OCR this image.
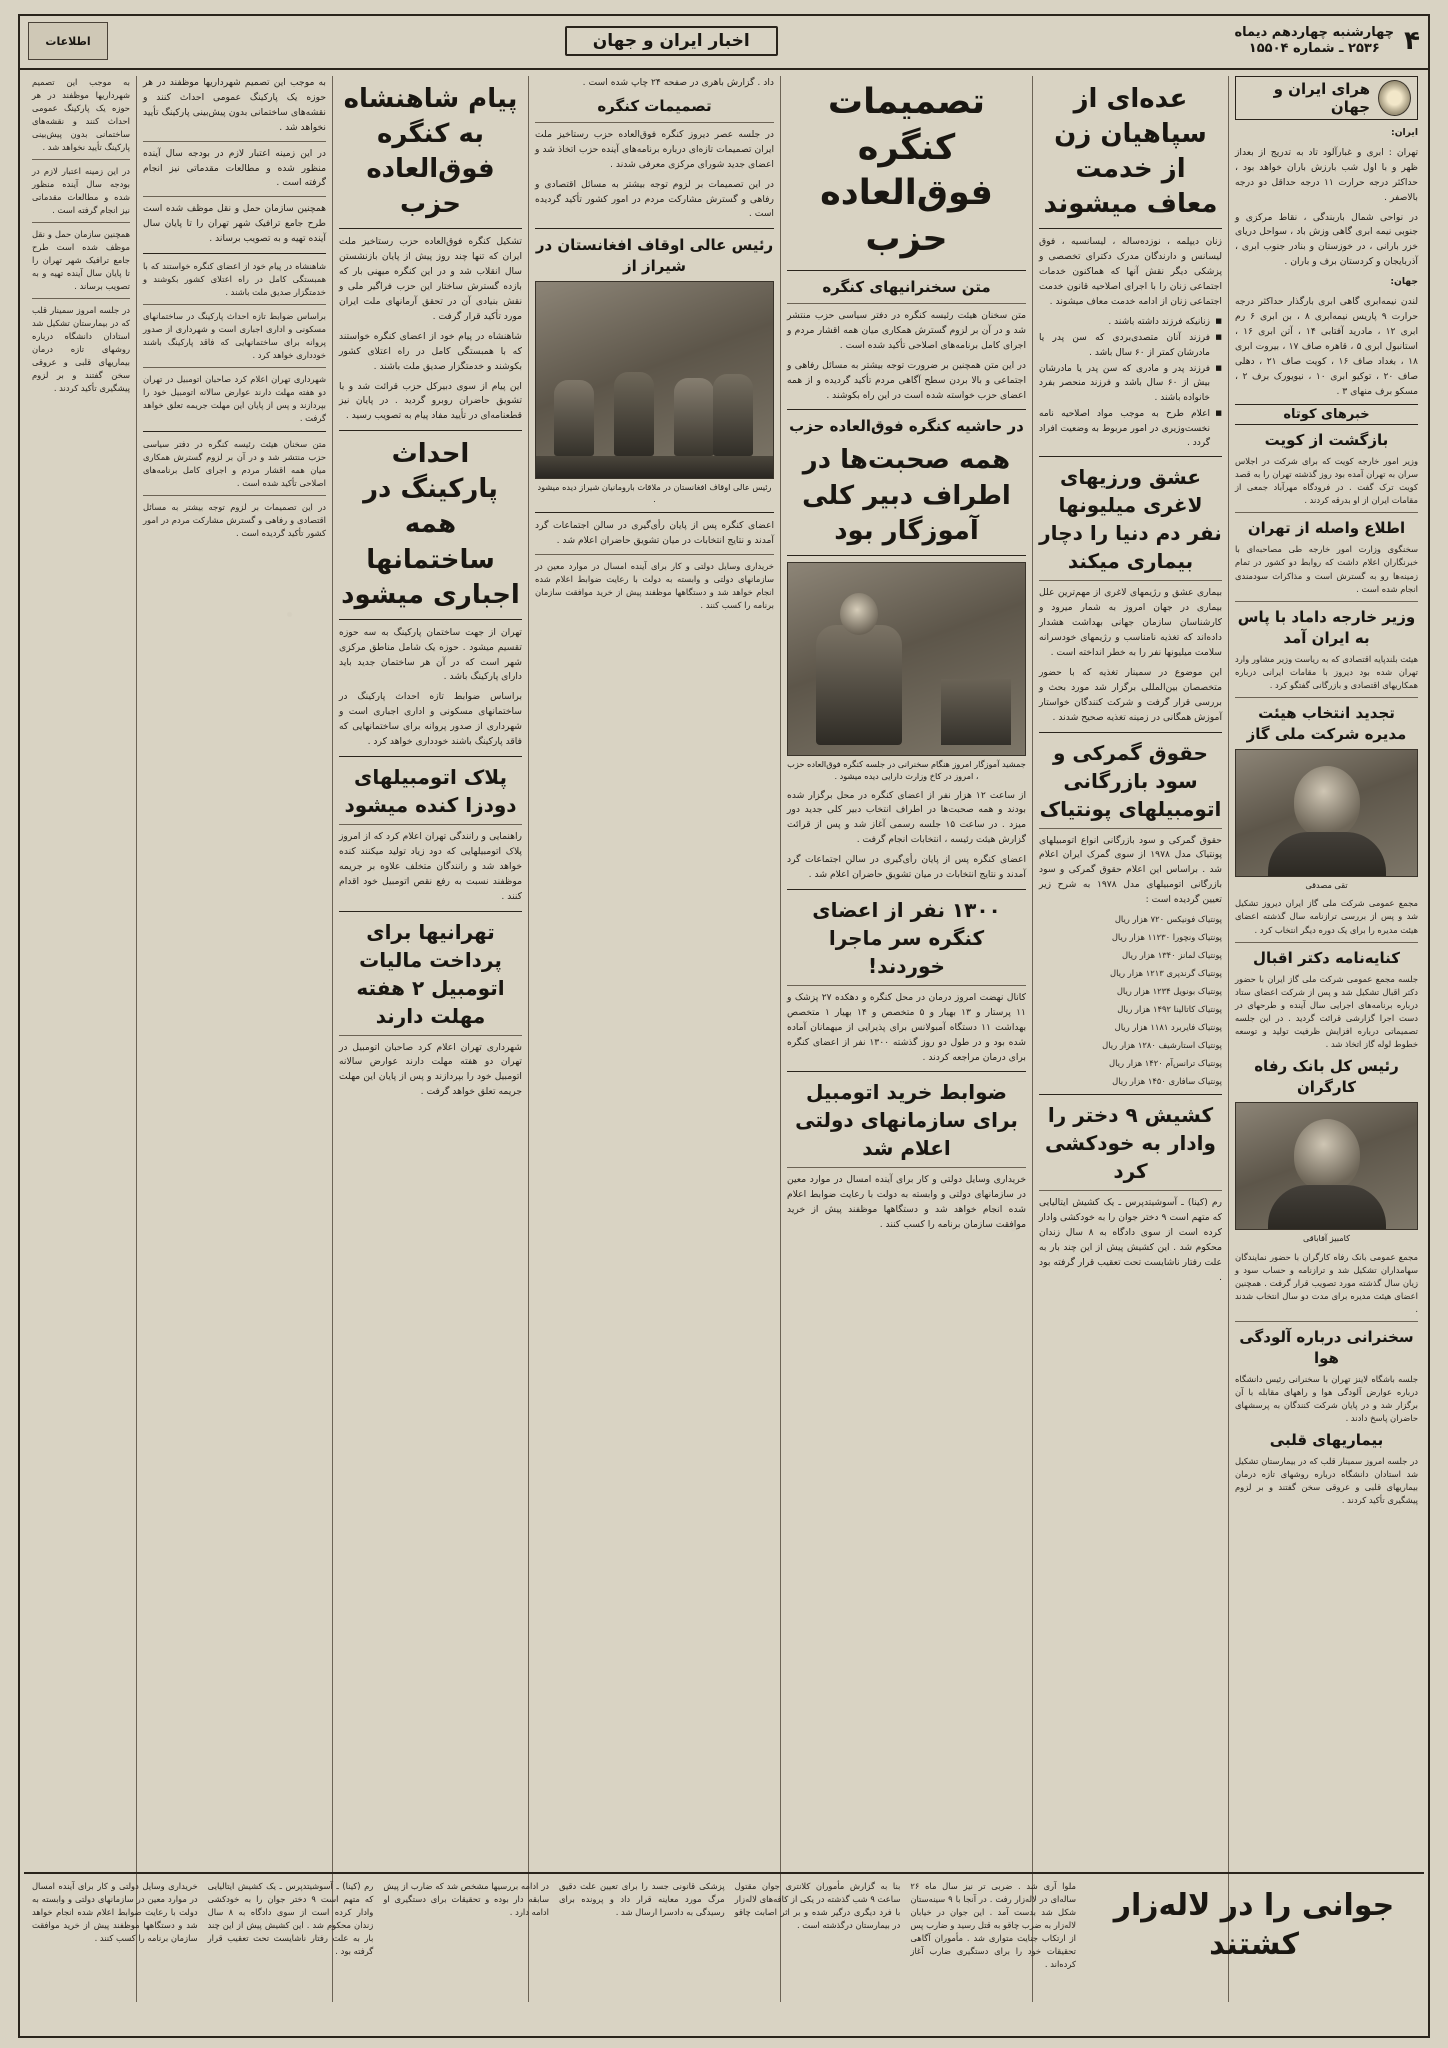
۴
چهارشنبه چهاردهم دیماه
۲۵۳۶ ـ شماره ۱۵۵۰۴
اخبار ایران و جهان
اطلاعات
هرای ایران و جهان
ایران:

تهران : ابری و غبارآلود تاد به تدریج از بعداز ظهر و با اول شب بارزش باران خواهد بود ، حداکثر درجه حرارت ۱۱ درجه حداقل دو درجه بالاصفر .

در نواحی شمال باربندگی ، نقاط مرکزی و جنوبی نیمه ابری گاهی وزش باد ، سواحل دریای خزر بارانی ، در خوزستان و بنادر جنوب ابری ، آذربایجان و کردستان برف و باران .

جهان:

لندن نیمه‌ابری گاهی ابری بارگذار حداکثر درجه حرارت ۹ پاریس نیمه‌ابری ۸ ، بن ابری ۶ رم ابری ۱۲ ، مادرید آفتابی ۱۴ ، آتن ابری ۱۶ ، استانبول ابری ۵ ، قاهره صاف ۱۷ ، بیروت ابری ۱۸ ، بغداد صاف ۱۶ ، کویت صاف ۲۱ ، دهلی صاف ۲۰ ، توکیو ابری ۱۰ ، نیویورک برف ۲ ، مسکو برف منهای ۳ .

خبرهای کوتاه
بازگشت از کویت

وزیر امور خارجه کویت که برای شرکت در اجلاس سران به تهران آمده بود روز گذشته تهران را به قصد کویت ترک گفت . در فرودگاه مهرآباد جمعی از مقامات ایران از او بدرقه کردند .

اطلاع واصله از تهران

سخنگوی وزارت امور خارجه طی مصاحبه‌ای با خبرنگاران اعلام داشت که روابط دو کشور در تمام زمینه‌ها رو به گسترش است و مذاکرات سودمندی انجام شده است .

وزیر خارجه داماد با پاس به ایران آمد

هیئت بلندپایه اقتصادی که به ریاست وزیر مشاور وارد تهران شده بود دیروز با مقامات ایرانی درباره همکاریهای اقتصادی و بازرگانی گفتگو کرد .

تجدید انتخاب هیئت مدیره شرکت ملی گاز
تقی مصدقی

مجمع عمومی شرکت ملی گاز ایران دیروز تشکیل شد و پس از بررسی ترازنامه سال گذشته اعضای هیئت مدیره را برای یک دوره دیگر انتخاب کرد .

کنایه‌نامه دکتر اقبال

جلسه مجمع عمومی شرکت ملی گاز ایران با حضور دکتر اقبال تشکیل شد و پس از شرکت اعضای ستاد درباره برنامه‌های اجرایی سال آینده و طرحهای در دست اجرا گزارشی قرائت گردید . در این جلسه تصمیماتی درباره افزایش ظرفیت تولید و توسعه خطوط لوله گاز اتخاذ شد .

رئیس کل بانک رفاه کارگران
کامبیز آقاباقی

مجمع عمومی بانک رفاه کارگران با حضور نمایندگان سهامداران تشکیل شد و ترازنامه و حساب سود و زیان سال گذشته مورد تصویب قرار گرفت . همچنین اعضای هیئت مدیره برای مدت دو سال انتخاب شدند .

سخنرانی درباره آلودگی هوا

جلسه باشگاه لاینز تهران با سخنرانی رئیس دانشگاه درباره عوارض آلودگی هوا و راههای مقابله با آن برگزار شد و در پایان شرکت کنندگان به پرسشهای حاضران پاسخ دادند .

بیماریهای قلبی

در جلسه امروز سمینار قلب که در بیمارستان تشکیل شد استادان دانشگاه درباره روشهای تازه درمان بیماریهای قلبی و عروقی سخن گفتند و بر لزوم پیشگیری تأکید کردند .

عده‌ای از سپاهیان زن از خدمت معاف میشوند

زنان دیپلمه ، نوزده‌ساله ، لیسانسیه ، فوق لیسانس و دارندگان مدرک دکترای تخصصی و پزشکی دیگر نقش آنها که هماکنون خدمات اجتماعی زنان را با اجرای اصلاحیه قانون خدمت اجتماعی زنان از ادامه خدمت معاف میشوند .

■ زنانیکه فرزند داشته باشند .
■ فرزند آنان متصدی‌بردی که سن پدر یا مادرشان کمتر از ۶۰ سال باشد .
■ فرزند پدر و مادری که سن پدر یا مادرشان بیش از ۶۰ سال باشد و فرزند منحصر بفرد خانواده باشند .
■ اعلام طرح به موجب مواد اصلاحیه نامه نخست‌وزیری در امور مربوط به وضعیت افراد گردد .
عشق ورزیهای لاغری میلیونها نفر دم دنیا را دچار بیماری میکند

بیماری عشق و رژیمهای لاغری از مهم‌ترین علل بیماری در جهان امروز به شمار میرود و کارشناسان سازمان جهانی بهداشت هشدار داده‌اند که تغذیه نامناسب و رژیمهای خودسرانه سلامت میلیونها نفر را به خطر انداخته است .

این موضوع در سمینار تغذیه که با حضور متخصصان بین‌المللی برگزار شد مورد بحث و بررسی قرار گرفت و شرکت کنندگان خواستار آموزش همگانی در زمینه تغذیه صحیح شدند .

حقوق گمرکی و سود بازرگانی اتومبیلهای پونتیاک

حقوق گمرکی و سود بازرگانی انواع اتومبیلهای پونتیاک مدل ۱۹۷۸ از سوی گمرک ایران اعلام شد . براساس این اعلام حقوق گمرکی و سود بازرگانی اتومبیلهای مدل ۱۹۷۸ به شرح زیر تعیین گردیده است :

پونتیاک فونیکس ۷۲۰ هزار ریال

پونتیاک ونچورا ۱۱۲۳۰ هزار ریال

پونتیاک لمانز ۱۳۴۰ هزار ریال

پونتیاک گرندپری ۱۲۱۳ هزار ریال

پونتیاک بونویل ۱۲۳۴ هزار ریال

پونتیاک کاتالینا ۱۴۹۲ هزار ریال

پونتیاک فایربرد ۱۱۸۱ هزار ریال

پونتیاک استارشیف ۱۲۸۰ هزار ریال

پونتیاک ترانس‌آم ۱۴۲۰ هزار ریال

پونتیاک سافاری ۱۴۵۰ هزار ریال

کشیش ۹ دختر را وادار به خودکشی کرد

رم (کینا) ـ آسوشیتدپرس ـ یک کشیش ایتالیایی که متهم است ۹ دختر جوان را به خودکشی وادار کرده است از سوی دادگاه به ۸ سال زندان محکوم شد . این کشیش پیش از این چند بار به علت رفتار ناشایست تحت تعقیب قرار گرفته بود .

تصمیمات کنگره فوق‌العاده حزب
متن سخنرانیهای کنگره

متن سخنان هیئت رئیسه کنگره در دفتر سیاسی حزب منتشر شد و در آن بر لزوم گسترش همکاری میان همه اقشار مردم و اجرای کامل برنامه‌های اصلاحی تأکید شده است .

در این متن همچنین بر ضرورت توجه بیشتر به مسائل رفاهی و اجتماعی و بالا بردن سطح آگاهی مردم تأکید گردیده و از همه اعضای حزب خواسته شده است در این راه بکوشند .

در حاشیه کنگره فوق‌العاده حزب
همه صحبت‌ها در اطراف دبیر کلی آموزگار بود
جمشید آموزگار امروز هنگام سخنرانی در جلسه کنگره فوق‌العاده حزب ، امروز در کاخ وزارت دارایی دیده میشود .

از ساعت ۱۲ هزار نفر از اعضای کنگره در محل برگزار شده بودند و همه صحبت‌ها در اطراف انتخاب دبیر کلی جدید دور میزد . در ساعت ۱۵ جلسه رسمی آغاز شد و پس از قرائت گزارش هیئت رئیسه ، انتخابات انجام گرفت .

اعضای کنگره پس از پایان رأی‌گیری در سالن اجتماعات گرد آمدند و نتایج انتخابات در میان تشویق حاضران اعلام شد .

۱۳۰۰ نفر از اعضای کنگره سر ماجرا خوردند!

کانال نهضت امروز درمان در محل کنگره و دهکده ۲۷ پزشک و ۱۱ پرستار و ۱۳ بهیار و ۵ متخصص و ۱۴ بهیار ۱ متخصص بهداشت ۱۱ دستگاه آمبولانس برای پذیرایی از میهمانان آماده شده بود و در طول دو روز گذشته ۱۳۰۰ نفر از اعضای کنگره برای درمان مراجعه کردند .

ضوابط خرید اتومبیل برای سازمانهای دولتی اعلام شد

خریداری وسایل دولتی و کار برای آینده امسال در موارد معین در سازمانهای دولتی و وابسته به دولت با رعایت ضوابط اعلام شده انجام خواهد شد و دستگاهها موظفند پیش از خرید موافقت سازمان برنامه را کسب کنند .

داد . گزارش باهری در صفحه ۲۴ چاپ شده است .

تصمیمات کنگره

در جلسه عصر دیروز کنگره فوق‌العاده حزب رستاخیز ملت ایران تصمیمات تازه‌ای درباره برنامه‌های آینده حزب اتخاذ شد و اعضای جدید شورای مرکزی معرفی شدند .

در این تصمیمات بر لزوم توجه بیشتر به مسائل اقتصادی و رفاهی و گسترش مشارکت مردم در امور کشور تأکید گردیده است .

رئیس عالی اوقاف افغانستان در شیراز از
رئیس عالی اوقاف افغانستان در ملاقات بارومانیان شیراز دیده میشود .

اعضای کنگره پس از پایان رأی‌گیری در سالن اجتماعات گرد آمدند و نتایج انتخابات در میان تشویق حاضران اعلام شد .

خریداری وسایل دولتی و کار برای آینده امسال در موارد معین در سازمانهای دولتی و وابسته به دولت با رعایت ضوابط اعلام شده انجام خواهد شد و دستگاهها موظفند پیش از خرید موافقت سازمان برنامه را کسب کنند .

پیام شاهنشاه به کنگره فوق‌العاده حزب

تشکیل کنگره فوق‌العاده حزب رستاخیز ملت ایران که تنها چند روز پیش از پایان بازنشستن سال انقلاب شد و در این کنگره میهنی بار که بازده گسترش ساختار این حزب فراگیر ملی و نقش بنیادی آن در تحقق آرمانهای ملت ایران مورد تأکید قرار گرفت .

شاهنشاه در پیام خود از اعضای کنگره خواستند که با همبستگی کامل در راه اعتلای کشور بکوشند و خدمتگزار صدیق ملت باشند .

این پیام از سوی دبیرکل حزب قرائت شد و با تشویق حاضران روبرو گردید . در پایان نیز قطعنامه‌ای در تأیید مفاد پیام به تصویب رسید .

احداث پارکینگ در همه ساختمانها اجباری میشود

تهران از جهت ساختمان پارکینگ به سه حوزه تقسیم میشود . حوزه یک شامل مناطق مرکزی شهر است که در آن هر ساختمان جدید باید دارای پارکینگ باشد .

براساس ضوابط تازه احداث پارکینگ در ساختمانهای مسکونی و اداری اجباری است و شهرداری از صدور پروانه برای ساختمانهایی که فاقد پارکینگ باشند خودداری خواهد کرد .

پلاک اتومبیلهای دودزا کنده میشود

راهنمایی و رانندگی تهران اعلام کرد که از امروز پلاک اتومبیلهایی که دود زیاد تولید میکنند کنده خواهد شد و رانندگان متخلف علاوه بر جریمه موظفند نسبت به رفع نقص اتومبیل خود اقدام کنند .

تهرانیها برای پرداخت مالیات اتومبیل ۲ هفته مهلت دارند

شهرداری تهران اعلام کرد صاحبان اتومبیل در تهران دو هفته مهلت دارند عوارض سالانه اتومبیل خود را بپردازند و پس از پایان این مهلت جریمه تعلق خواهد گرفت .

به موجب این تصمیم شهرداریها موظفند در هر حوزه یک پارکینگ عمومی احداث کنند و نقشه‌های ساختمانی بدون پیش‌بینی پارکینگ تأیید نخواهد شد .

در این زمینه اعتبار لازم در بودجه سال آینده منظور شده و مطالعات مقدماتی نیز انجام گرفته است .

همچنین سازمان حمل و نقل موظف شده است طرح جامع ترافیک شهر تهران را تا پایان سال آینده تهیه و به تصویب برساند .

شاهنشاه در پیام خود از اعضای کنگره خواستند که با همبستگی کامل در راه اعتلای کشور بکوشند و خدمتگزار صدیق ملت باشند .

براساس ضوابط تازه احداث پارکینگ در ساختمانهای مسکونی و اداری اجباری است و شهرداری از صدور پروانه برای ساختمانهایی که فاقد پارکینگ باشند خودداری خواهد کرد .

شهرداری تهران اعلام کرد صاحبان اتومبیل در تهران دو هفته مهلت دارند عوارض سالانه اتومبیل خود را بپردازند و پس از پایان این مهلت جریمه تعلق خواهد گرفت .

متن سخنان هیئت رئیسه کنگره در دفتر سیاسی حزب منتشر شد و در آن بر لزوم گسترش همکاری میان همه اقشار مردم و اجرای کامل برنامه‌های اصلاحی تأکید شده است .

در این تصمیمات بر لزوم توجه بیشتر به مسائل اقتصادی و رفاهی و گسترش مشارکت مردم در امور کشور تأکید گردیده است .

به موجب این تصمیم شهرداریها موظفند در هر حوزه یک پارکینگ عمومی احداث کنند و نقشه‌های ساختمانی بدون پیش‌بینی پارکینگ تأیید نخواهد شد .

در این زمینه اعتبار لازم در بودجه سال آینده منظور شده و مطالعات مقدماتی نیز انجام گرفته است .

همچنین سازمان حمل و نقل موظف شده است طرح جامع ترافیک شهر تهران را تا پایان سال آینده تهیه و به تصویب برساند .

در جلسه امروز سمینار قلب که در بیمارستان تشکیل شد استادان دانشگاه درباره روشهای تازه درمان بیماریهای قلبی و عروقی سخن گفتند و بر لزوم پیشگیری تأکید کردند .

جوانی را در لاله‌زار کشتند

ملوا آری شد . ضربی تر نیز سال ماه ۲۶ ساله‌ای در لاله‌زار رفت . در آنجا با ۹ سینه‌ستان شکل شد بدست آمد . این جوان در خیابان لاله‌زار به ضرب چاقو به قتل رسید و ضارب پس از ارتکاب جنایت متواری شد . مأموران آگاهی تحقیقات خود را برای دستگیری ضارب آغاز کرده‌اند .

بنا به گزارش مأموران کلانتری جوان مقتول ساعت ۹ شب گذشته در یکی از کافه‌های لاله‌زار با فرد دیگری درگیر شده و بر اثر اصابت چاقو در بیمارستان درگذشته است .

پزشکی قانونی جسد را برای تعیین علت دقیق مرگ مورد معاینه قرار داد و پرونده برای رسیدگی به دادسرا ارسال شد .

در ادامه بررسیها مشخص شد که ضارب از پیش سابقه دار بوده و تحقیقات برای دستگیری او ادامه دارد .

رم (کینا) ـ آسوشیتدپرس ـ یک کشیش ایتالیایی که متهم است ۹ دختر جوان را به خودکشی وادار کرده است از سوی دادگاه به ۸ سال زندان محکوم شد . این کشیش پیش از این چند بار به علت رفتار ناشایست تحت تعقیب قرار گرفته بود .

خریداری وسایل دولتی و کار برای آینده امسال در موارد معین در سازمانهای دولتی و وابسته به دولت با رعایت ضوابط اعلام شده انجام خواهد شد و دستگاهها موظفند پیش از خرید موافقت سازمان برنامه را کسب کنند .
